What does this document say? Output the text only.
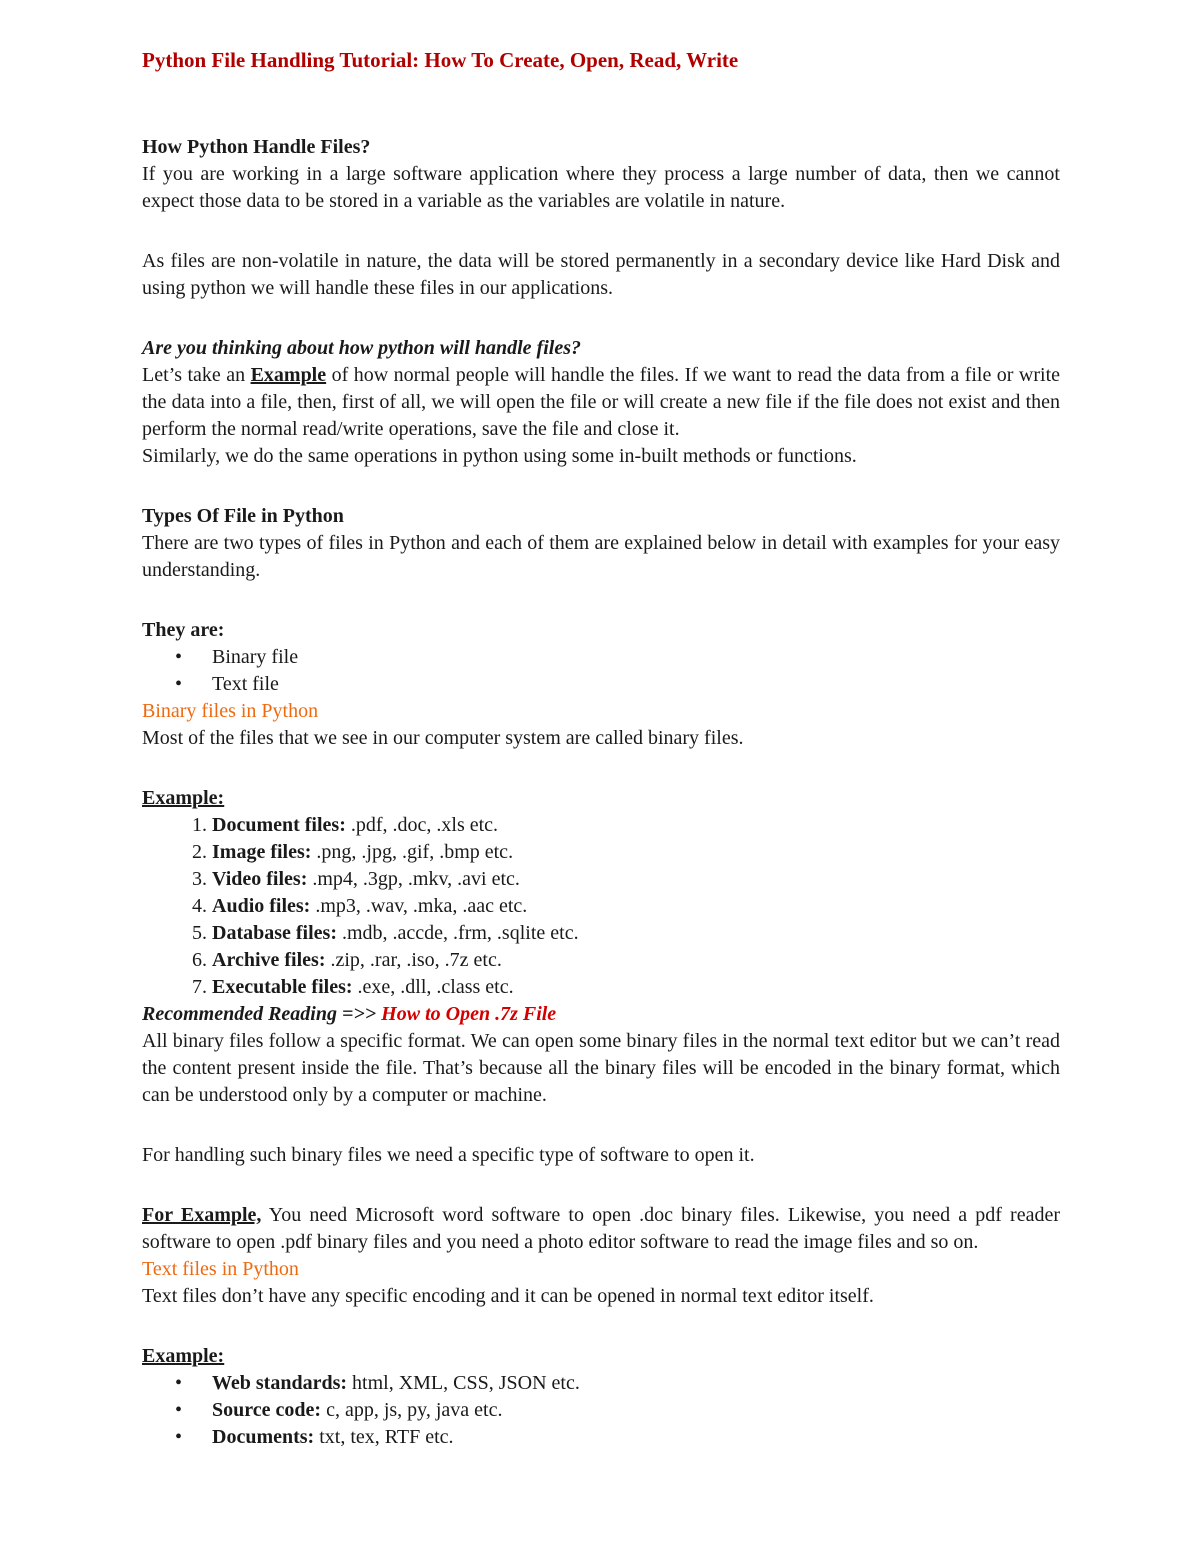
Python File Handling Tutorial: How To Create, Open, Read, Write

How Python Handle Files?

If you are working in a large software application where they process a large number of data, then we cannot expect those data to be stored in a variable as the variables are volatile in nature.

As files are non-volatile in nature, the data will be stored permanently in a secondary device like Hard Disk and using python we will handle these files in our applications.

Are you thinking about how python will handle files?

Let’s take an Example of how normal people will handle the files. If we want to read the data from a file or write the data into a file, then, first of all, we will open the file or will create a new file if the file does not exist and then perform the normal read/write operations, save the file and close it.

Similarly, we do the same operations in python using some in-built methods or functions.

Types Of File in Python

There are two types of files in Python and each of them are explained below in detail with examples for your easy understanding.

They are:

• Binary file
• Text file

Binary files in Python

Most of the files that we see in our computer system are called binary files.

Example:

1. Document files: .pdf, .doc, .xls etc.
2. Image files: .png, .jpg, .gif, .bmp etc.
3. Video files: .mp4, .3gp, .mkv, .avi etc.
4. Audio files: .mp3, .wav, .mka, .aac etc.
5. Database files: .mdb, .accde, .frm, .sqlite etc.
6. Archive files: .zip, .rar, .iso, .7z etc.
7. Executable files: .exe, .dll, .class etc.

Recommended Reading =>> How to Open .7z File

All binary files follow a specific format. We can open some binary files in the normal text editor but we can’t read the content present inside the file. That’s because all the binary files will be encoded in the binary format, which can be understood only by a computer or machine.

For handling such binary files we need a specific type of software to open it.

For Example, You need Microsoft word software to open .doc binary files. Likewise, you need a pdf reader software to open .pdf binary files and you need a photo editor software to read the image files and so on.

Text files in Python

Text files don’t have any specific encoding and it can be opened in normal text editor itself.

Example:

• Web standards: html, XML, CSS, JSON etc.
• Source code: c, app, js, py, java etc.
• Documents: txt, tex, RTF etc.
